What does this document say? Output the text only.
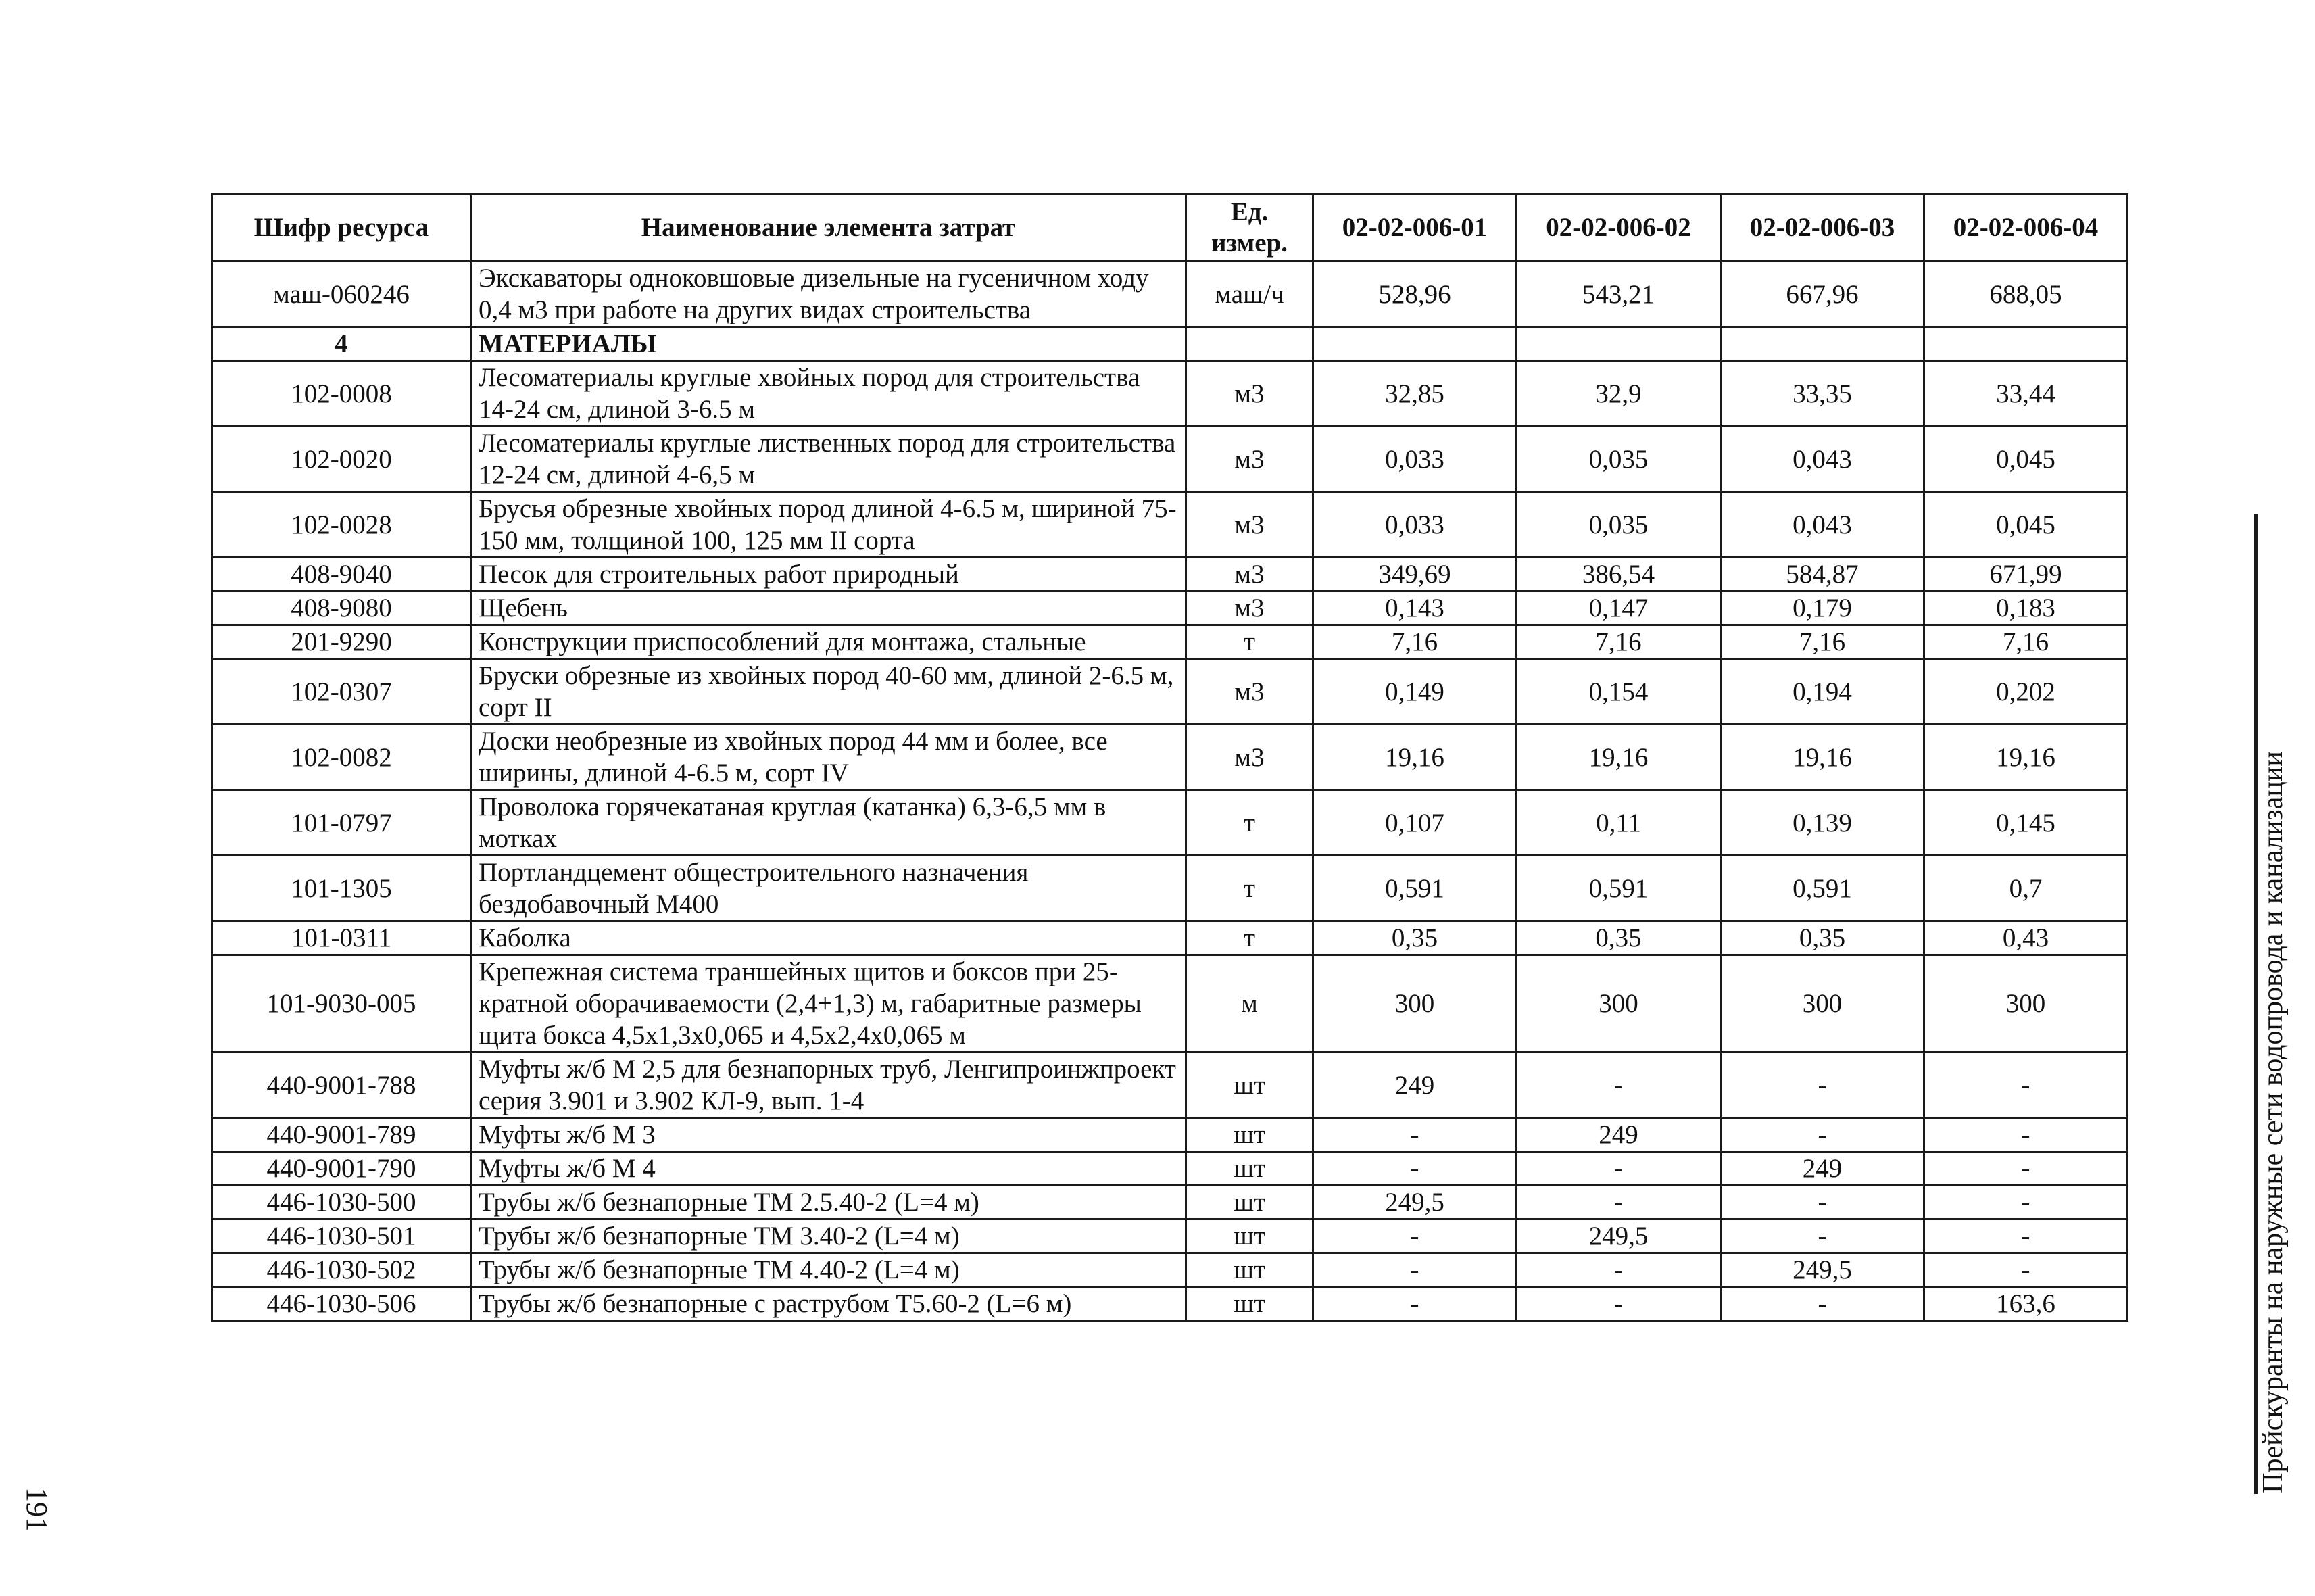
Шифр ресурса	Наименование элемента затрат	Ед. измер.	02-02-006-01	02-02-006-02	02-02-006-03	02-02-006-04
маш-060246	Экскаваторы одноковшовые дизельные на гусеничном ходу 0,4 м3 при работе на других видах строительства	маш/ч	528,96	543,21	667,96	688,05
4	МАТЕРИАЛЫ					
102-0008	Лесоматериалы круглые хвойных пород для строительства 14-24 см, длиной 3-6.5 м	м3	32,85	32,9	33,35	33,44
102-0020	Лесоматериалы круглые лиственных пород для строительства 12-24 см, длиной 4-6,5 м	м3	0,033	0,035	0,043	0,045
102-0028	Брусья обрезные хвойных пород длиной 4-6.5 м, шириной 75-150 мм, толщиной 100, 125 мм II сорта	м3	0,033	0,035	0,043	0,045
408-9040	Песок для строительных работ природный	м3	349,69	386,54	584,87	671,99
408-9080	Щебень	м3	0,143	0,147	0,179	0,183
201-9290	Конструкции приспособлений для монтажа, стальные	т	7,16	7,16	7,16	7,16
102-0307	Бруски обрезные из хвойных пород 40-60 мм, длиной 2-6.5 м, сорт II	м3	0,149	0,154	0,194	0,202
102-0082	Доски необрезные из хвойных пород 44 мм и более, все ширины, длиной 4-6.5 м, сорт IV	м3	19,16	19,16	19,16	19,16
101-0797	Проволока горячекатаная круглая (катанка) 6,3-6,5 мм в мотках	т	0,107	0,11	0,139	0,145
101-1305	Портландцемент общестроительного назначения бездобавочный М400	т	0,591	0,591	0,591	0,7
101-0311	Каболка	т	0,35	0,35	0,35	0,43
101-9030-005	Крепежная система траншейных щитов и боксов при 25-кратной оборачиваемости (2,4+1,3) м, габаритные размеры щита бокса 4,5х1,3х0,065 и 4,5х2,4х0,065 м	м	300	300	300	300
440-9001-788	Муфты ж/б М 2,5 для безнапорных труб, Ленгипроинжпроект серия 3.901 и 3.902 КЛ-9, вып. 1-4	шт	249	-	-	-
440-9001-789	Муфты ж/б М 3	шт	-	249	-	-
440-9001-790	Муфты ж/б М 4	шт	-	-	249	-
446-1030-500	Трубы ж/б безнапорные ТМ 2.5.40-2 (L=4 м)	шт	249,5	-	-	-
446-1030-501	Трубы ж/б безнапорные ТМ 3.40-2 (L=4 м)	шт	-	249,5	-	-
446-1030-502	Трубы ж/б безнапорные ТМ 4.40-2 (L=4 м)	шт	-	-	249,5	-
446-1030-506	Трубы ж/б безнапорные с раструбом Т5.60-2 (L=6 м)	шт	-	-	-	163,6	Прейскуранты на наружные сети водопровода и канализации
191
